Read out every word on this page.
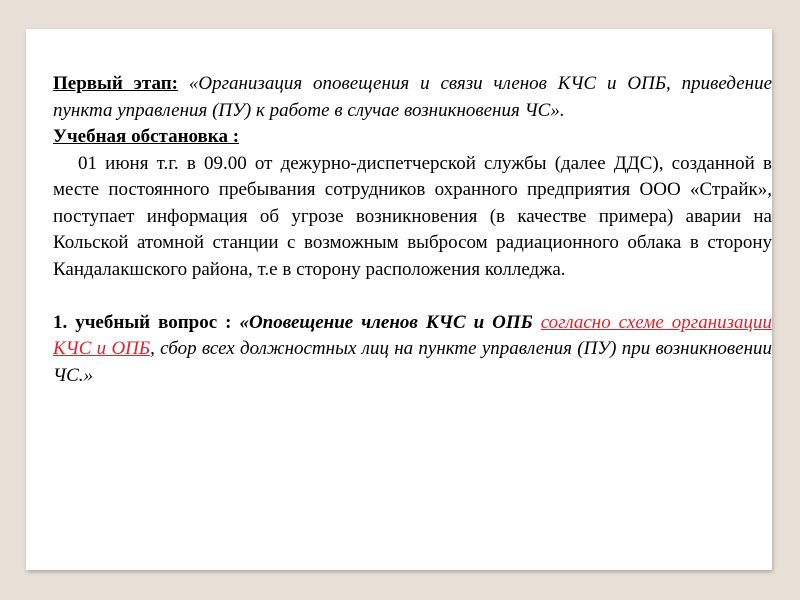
Первый этап: «Организация оповещения и связи членов КЧС и ОПБ, приведение пункта управления (ПУ) к работе в случае возникновения ЧС».

Учебная обстановка :

01 июня т.г. в 09.00 от дежурно-диспетчерской службы (далее ДДС), созданной в месте постоянного пребывания сотрудников охранного предприятия ООО «Страйк», поступает информация об угрозе возникновения (в качестве примера) аварии на Кольской атомной станции с возможным выбросом радиационного облака в сторону Кандалакшского района, т.е в сторону расположения колледжа.

1. учебный вопрос : «Оповещение членов КЧС и ОПБ согласно схеме организации КЧС и ОПБ, сбор всех должностных лиц на пункте управления (ПУ) при возникновении ЧС.»
